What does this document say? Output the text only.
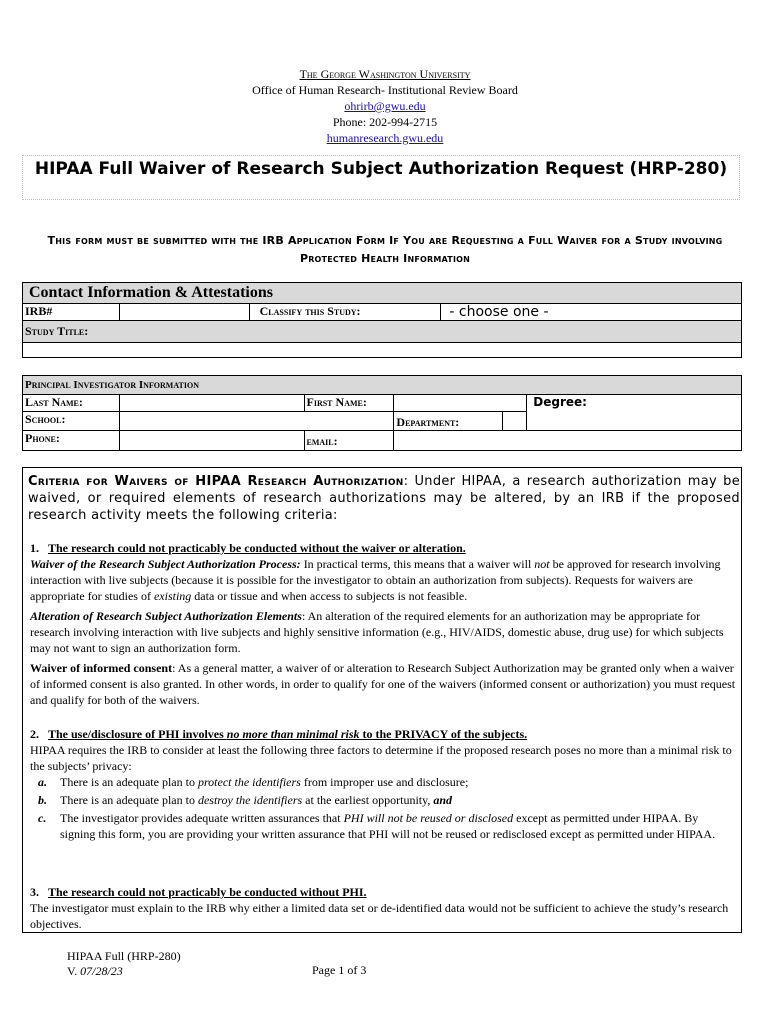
The George Washington University
Office of Human Research- Institutional Review Board
ohrirb@gwu.edu
Phone: 202-994-2715
humanresearch.gwu.edu
HIPAA Full Waiver of Research Subject Authorization Request (HRP-280)
This form must be submitted with the IRB Application Form If You are Requesting a Full Waiver for a Study involving Protected Health Information
Contact Information & Attestations
IRB#		Classify this Study:	- choose one -
Study Title:

Principal Investigator Information					
Last Name:		First Name:			Degree:
School:			Department:		
Phone:		email:			
Criteria for Waivers of HIPAA Research Authorization: Under HIPAA, a research authorization may be waived, or required elements of research authorizations may be altered, by an IRB if the proposed research activity meets the following criteria:
1. The research could not practicably be conducted without the waiver or alteration.
Waiver of the Research Subject Authorization Process: In practical terms, this means that a waiver will not be approved for research involving interaction with live subjects (because it is possible for the investigator to obtain an authorization from subjects). Requests for waivers are appropriate for studies of existing data or tissue and when access to subjects is not feasible.
Alteration of Research Subject Authorization Elements: An alteration of the required elements for an authorization may be appropriate for research involving interaction with live subjects and highly sensitive information (e.g., HIV/AIDS, domestic abuse, drug use) for which subjects may not want to sign an authorization form.
Waiver of informed consent: As a general matter, a waiver of or alteration to Research Subject Authorization may be granted only when a waiver of informed consent is also granted. In other words, in order to qualify for one of the waivers (informed consent or authorization) you must request and qualify for both of the waivers.
2. The use/disclosure of PHI involves no more than minimal risk to the PRIVACY of the subjects.
HIPAA requires the IRB to consider at least the following three factors to determine if the proposed research poses no more than a minimal risk to the subjects’ privacy:
a. There is an adequate plan to protect the identifiers from improper use and disclosure;
b. There is an adequate plan to destroy the identifiers at the earliest opportunity, and
c. The investigator provides adequate written assurances that PHI will not be reused or disclosed except as permitted under HIPAA. By signing this form, you are providing your written assurance that PHI will not be reused or redisclosed except as permitted under HIPAA.
3. The research could not practicably be conducted without PHI.
The investigator must explain to the IRB why either a limited data set or de-identified data would not be sufficient to achieve the study’s research objectives.
HIPAA Full (HRP-280)
V. 07/28/23	Page 1 of 3
